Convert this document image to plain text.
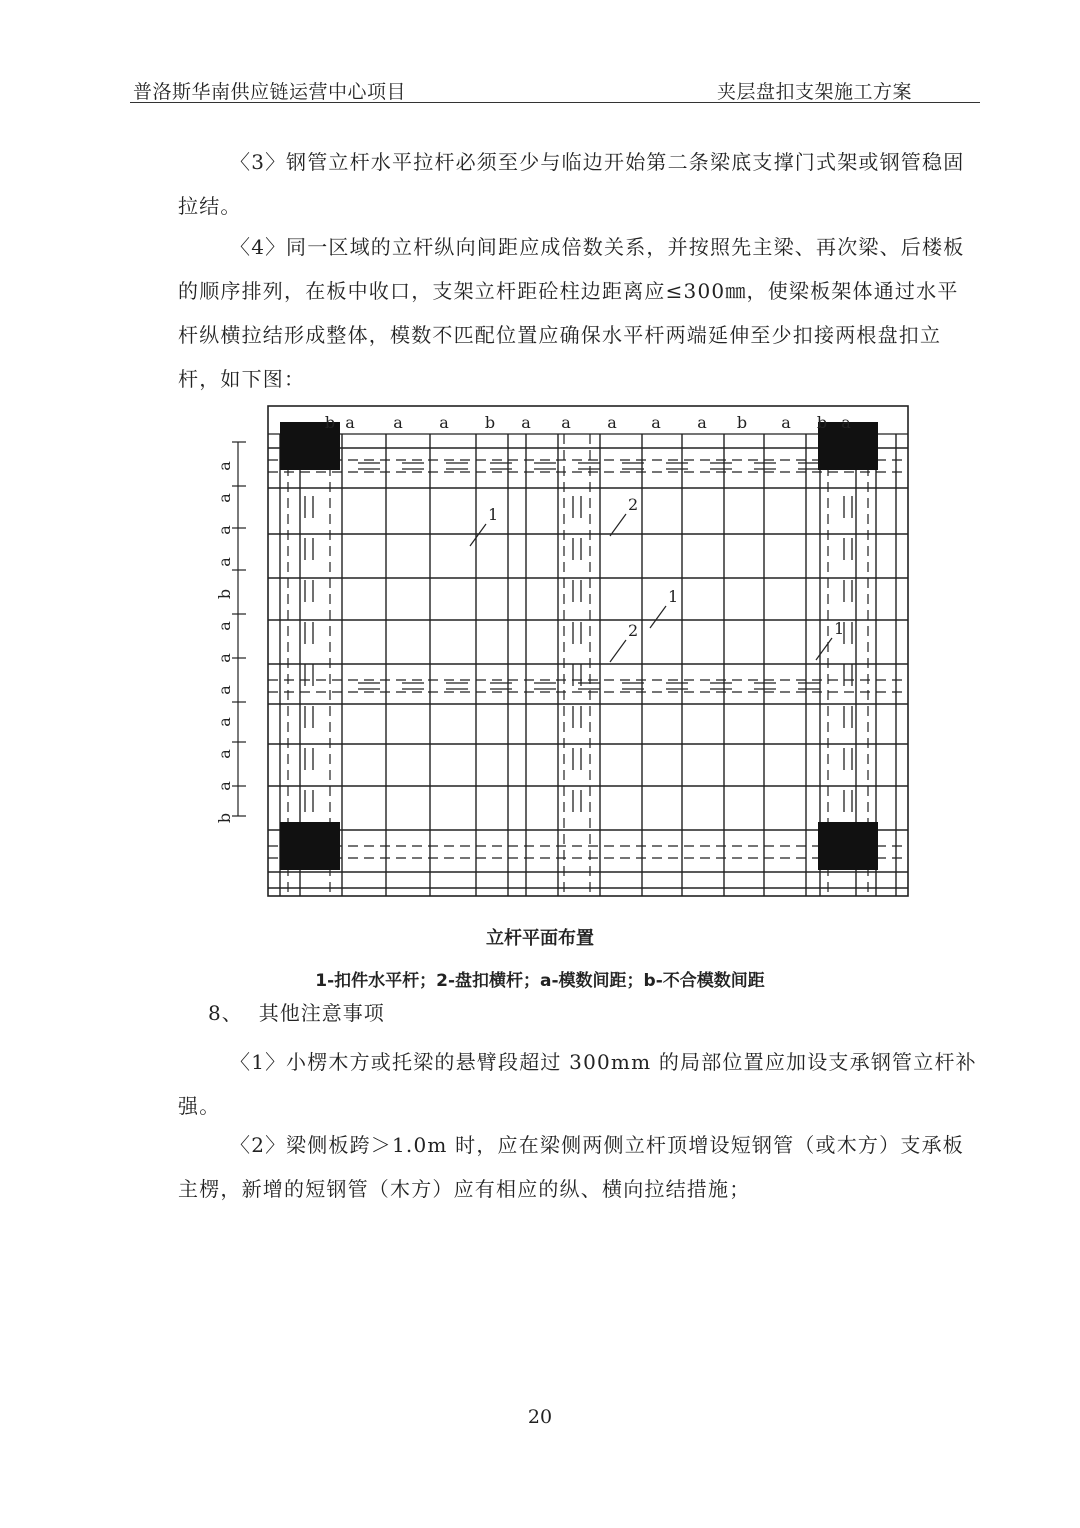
普洛斯华南供应链运营中心项目	夹层盘扣支架施工方案
〈3〉钢管立杆水平拉杆必须至少与临边开始第二条梁底支撑门式架或钢管稳固拉结。
〈4〉同一区域的立杆纵向间距应成倍数关系，并按照先主梁、再次梁、后楼板的顺序排列，在板中收口，支架立杆距砼柱边距离应≤300㎜，使梁板架体通过水平杆纵横拉结形成整体，模数不匹配位置应确保水平杆两端延伸至少扣接两根盘扣立杆，如下图：
b a a a b a a a a a b a b a
a
a
a
a
b
a
a
a
a
a
a
b
1
2
1
2	1
立杆平面布置
1-扣件水平杆；2-盘扣横杆；a-模数间距；b-不合模数间距
8、 其他注意事项
〈1〉小楞木方或托梁的悬臂段超过 300mm 的局部位置应加设支承钢管立杆补强。
〈2〉梁侧板跨＞1.0m 时，应在梁侧两侧立杆顶增设短钢管（或木方）支承板主楞，新增的短钢管（木方）应有相应的纵、横向拉结措施；
20
